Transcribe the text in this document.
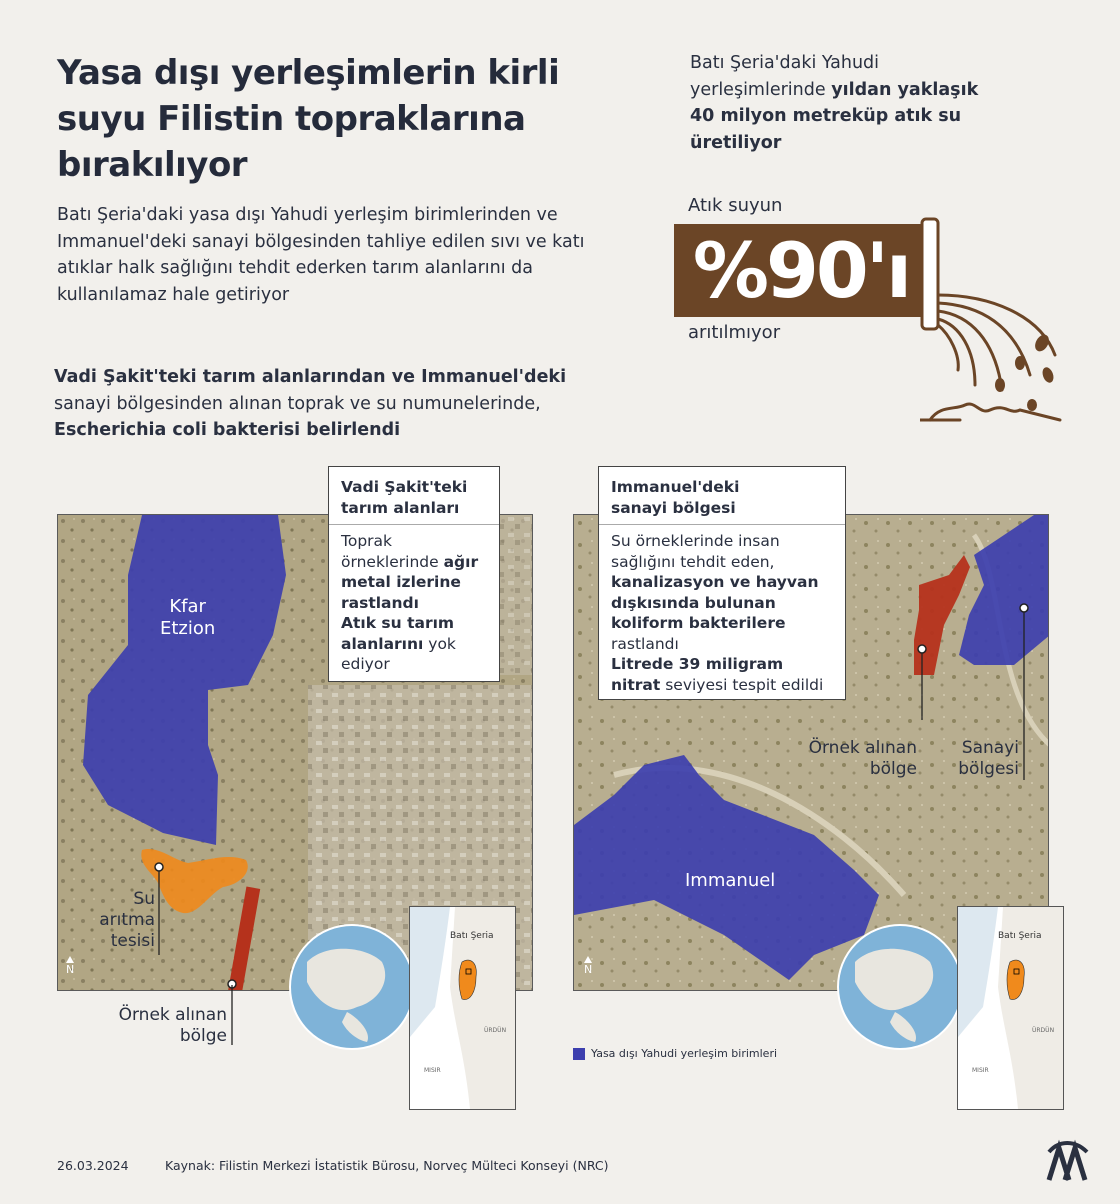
Yasa dışı yerleşimlerin kirli suyu Filistin topraklarına bırakılıyor
Batı Şeria'daki yasa dışı Yahudi yerleşim birimlerinden ve Immanuel'deki sanayi bölgesinden tahliye edilen sıvı ve katı atıklar halk sağlığını tehdit ederken tarım alanlarını da kullanılamaz hale getiriyor
Vadi Şakit'teki tarım alanlarından ve Immanuel'deki
sanayi bölgesinden alınan toprak ve su numunelerinde,
Escherichia coli bakterisi belirlendi
Batı Şeria'daki Yahudi
yerleşimlerinde yıldan yaklaşık
40 milyon metreküp atık su
üretiliyor
Atık suyun
%90'ı
arıtılmıyor
Kfar
Etzion
Su
arıtma
tesisi
Örnek alınan
bölge
Vadi Şakit'teki
tarım alanları

Toprak örneklerinde ağır metal izlerine rastlandı

Atık su tarım alanlarını yok ediyor

N
Batı Şeria
ÜRDÜN
MISIR
Immanuel
Örnek alınan
bölge
Sanayi
bölgesi
Immanuel'deki
sanayi bölgesi

Su örneklerinde insan sağlığını tehdit eden, kanalizasyon ve hayvan dışkısında bulunan koliform bakterilere rastlandı

Litrede 39 miligram nitrat seviyesi tespit edildi

N
Batı Şeria
ÜRDÜN
MISIR
Yasa dışı Yahudi yerleşim birimleri
26.03.2024	Kaynak: Filistin Merkezi İstatistik Bürosu, Norveç Mülteci Konseyi (NRC)
